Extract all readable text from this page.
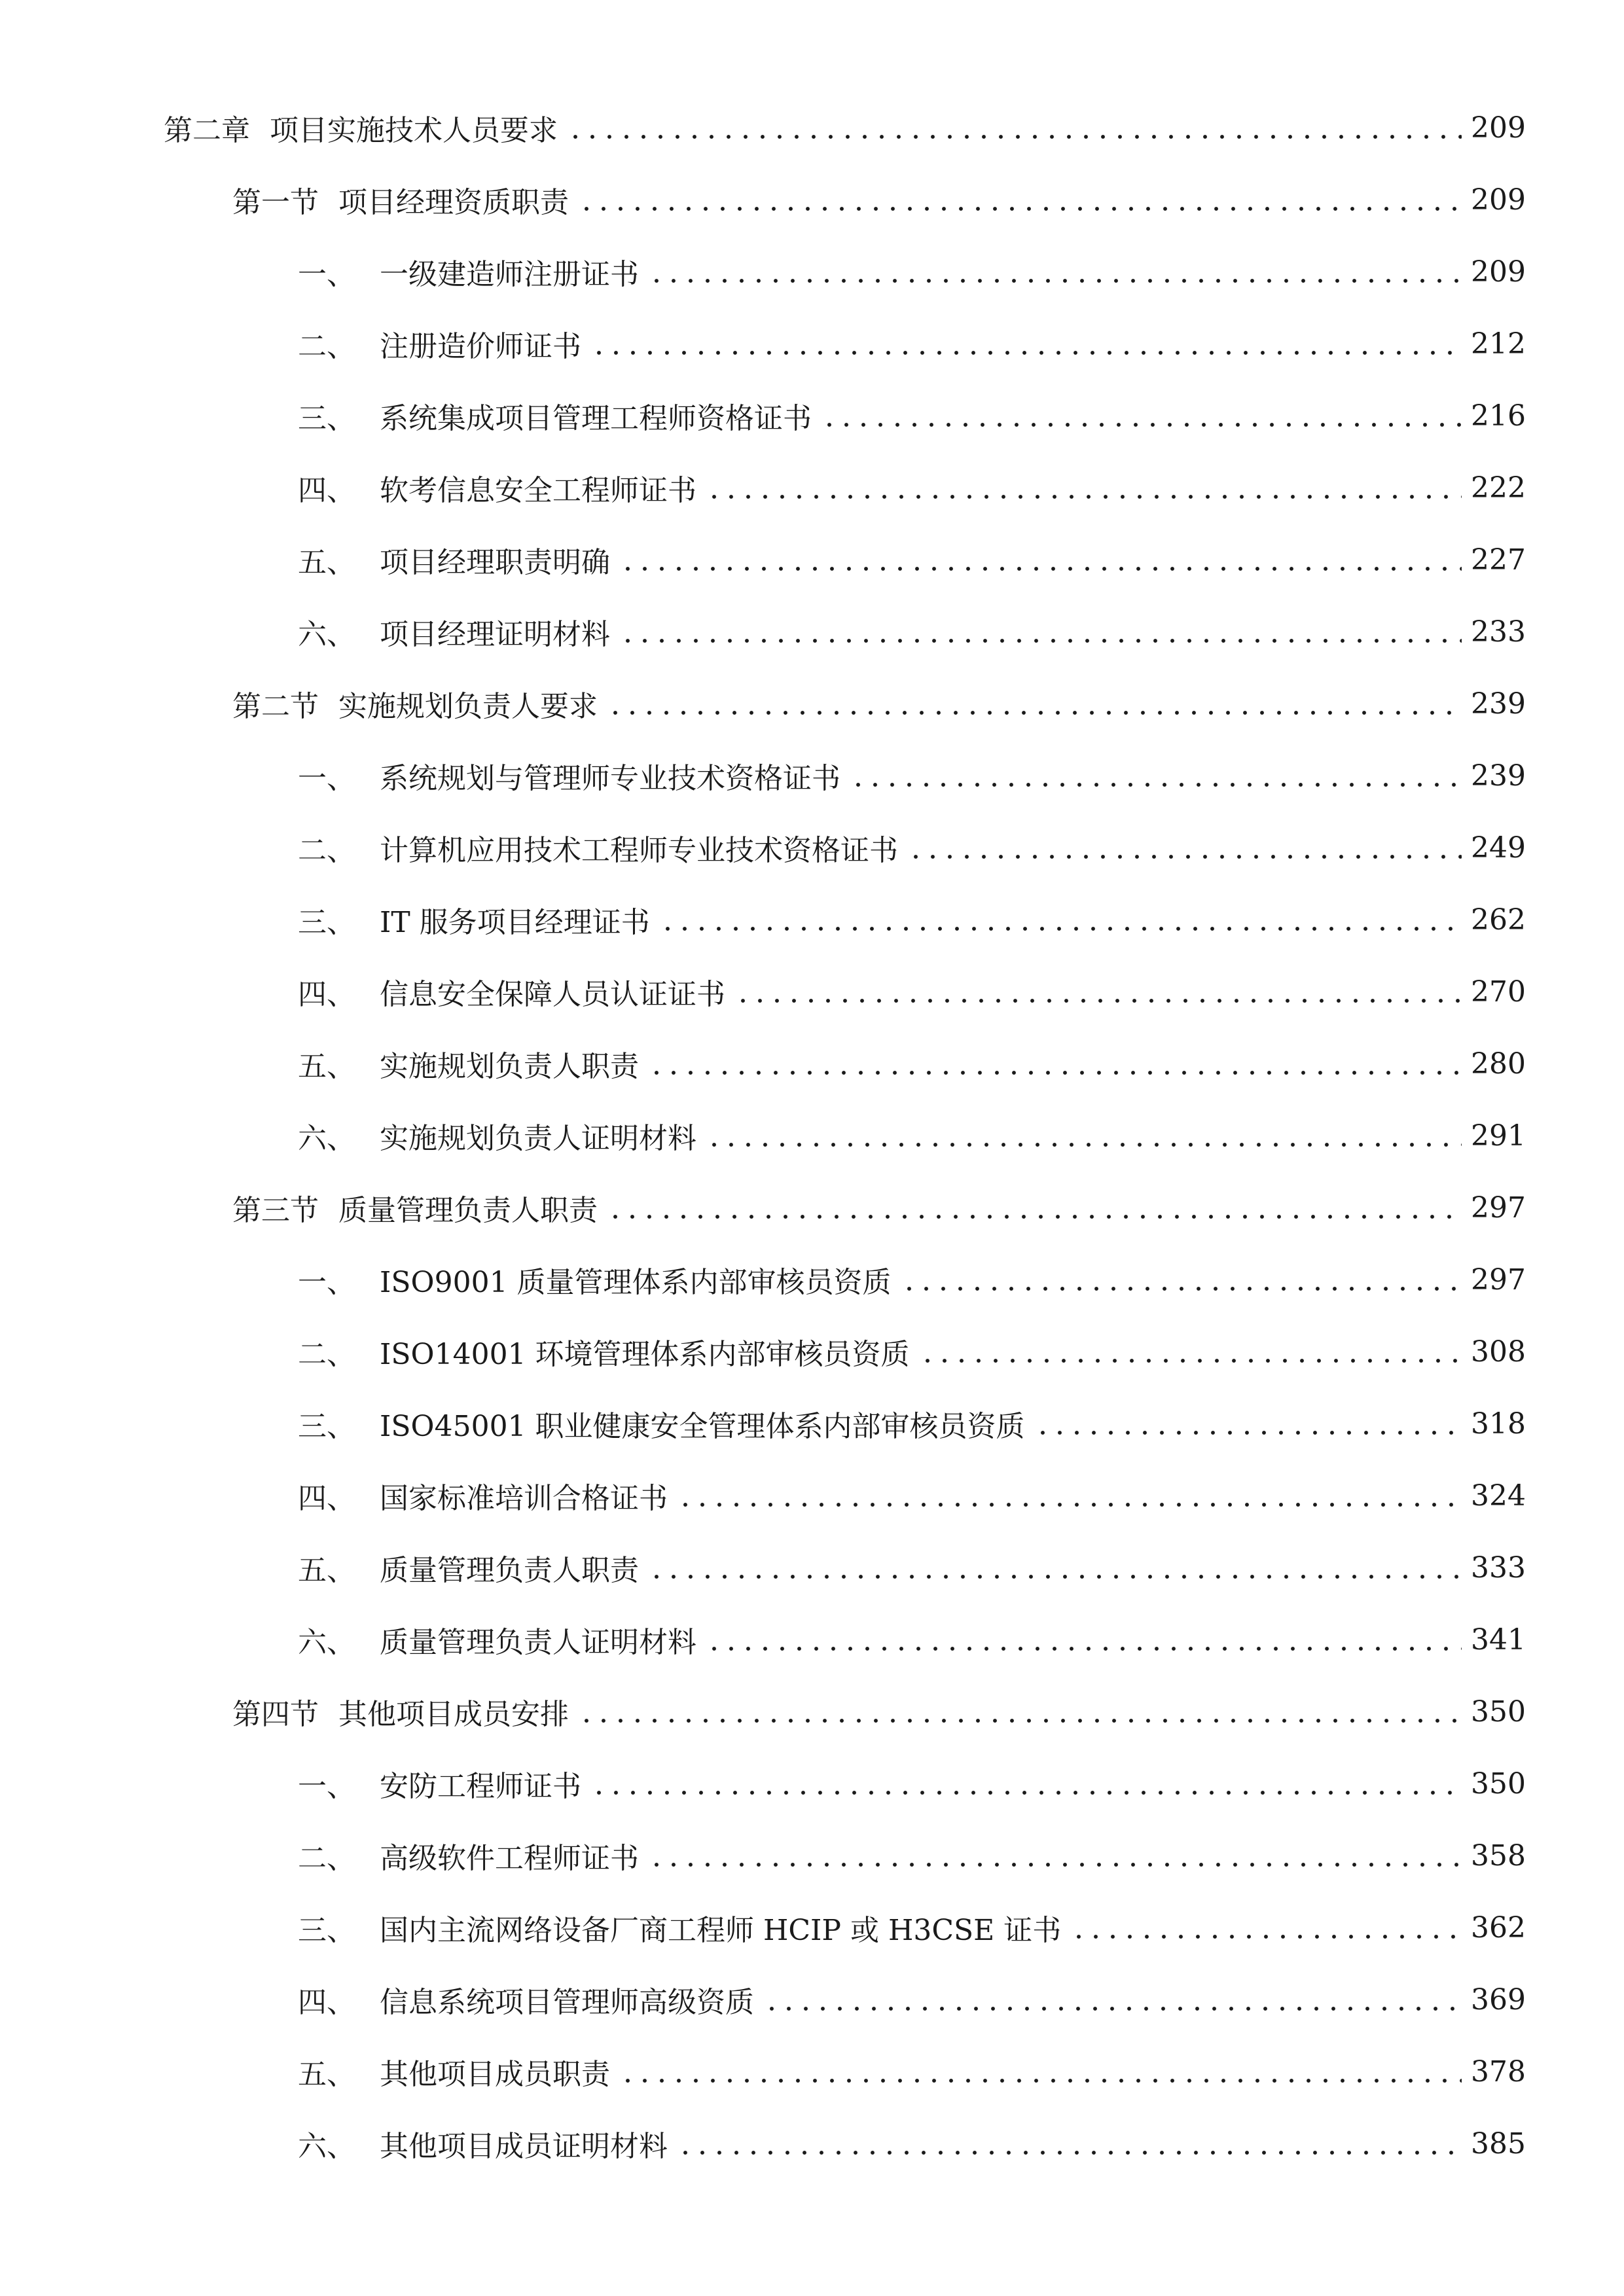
第二章 项目实施技术人员要求	209
第一节 项目经理资质职责	209
一、 一级建造师注册证书	209
二、 注册造价师证书	212
三、 系统集成项目管理工程师资格证书	216
四、 软考信息安全工程师证书	222
五、 项目经理职责明确	227
六、 项目经理证明材料	233
第二节 实施规划负责人要求	239
一、 系统规划与管理师专业技术资格证书	239
二、 计算机应用技术工程师专业技术资格证书	249
三、 IT 服务项目经理证书	262
四、 信息安全保障人员认证证书	270
五、 实施规划负责人职责	280
六、 实施规划负责人证明材料	291
第三节 质量管理负责人职责	297
一、 ISO9001 质量管理体系内部审核员资质	297
二、 ISO14001 环境管理体系内部审核员资质	308
三、 ISO45001 职业健康安全管理体系内部审核员资质	318
四、 国家标准培训合格证书	324
五、 质量管理负责人职责	333
六、 质量管理负责人证明材料	341
第四节 其他项目成员安排	350
一、 安防工程师证书	350
二、 高级软件工程师证书	358
三、 国内主流网络设备厂商工程师 HCIP 或 H3CSE 证书	362
四、 信息系统项目管理师高级资质	369
五、 其他项目成员职责	378
六、 其他项目成员证明材料	385
